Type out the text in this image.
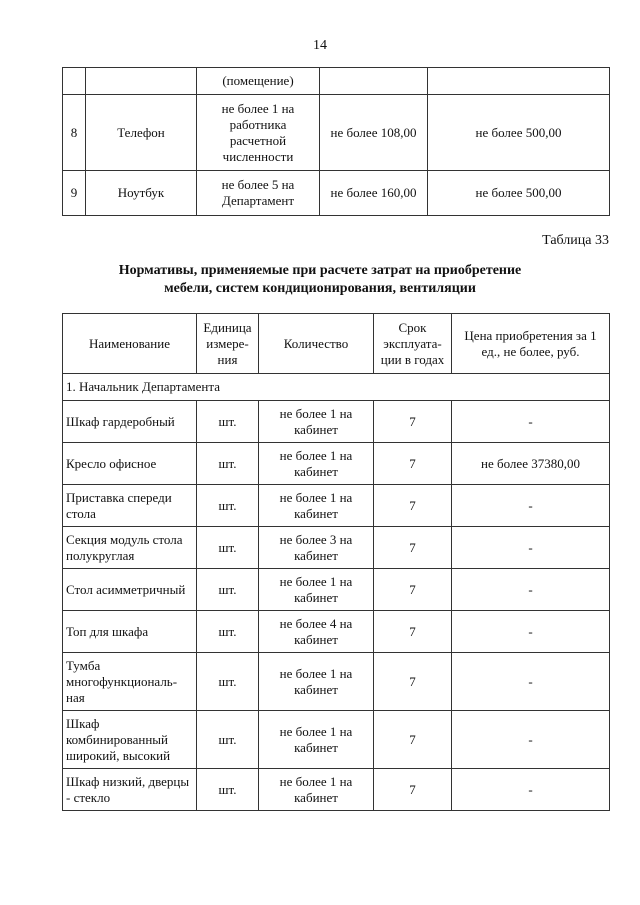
14
		(помещение)		
8	Телефон	не более 1 на работника расчетной численности	не более 108,00	не более 500,00
9	Ноутбук	не более 5 на Департамент	не более 160,00	не более 500,00
Таблица 33
Нормативы, применяемые при расчете затрат на приобретение
мебели, систем кондиционирования, вентиляции
Наименование	Единица измере-ния	Количество	Срок эксплуата-ции в годах	Цена приобретения за 1 ед., не более, руб.
1. Начальник Департамента				
Шкаф гардеробный	шт.	не более 1 на кабинет	7	-
Кресло офисное	шт.	не более 1 на кабинет	7	не более 37380,00
Приставка спереди стола	шт.	не более 1 на кабинет	7	-
Секция модуль стола полукруглая	шт.	не более 3 на кабинет	7	-
Стол асимметричный	шт.	не более 1 на кабинет	7	-
Топ для шкафа	шт.	не более 4 на кабинет	7	-
Тумба многофункциональ-ная	шт.	не более 1 на кабинет	7	-
Шкаф комбинированный широкий, высокий	шт.	не более 1 на кабинет	7	-
Шкаф низкий, дверцы - стекло	шт.	не более 1 на кабинет	7	-
